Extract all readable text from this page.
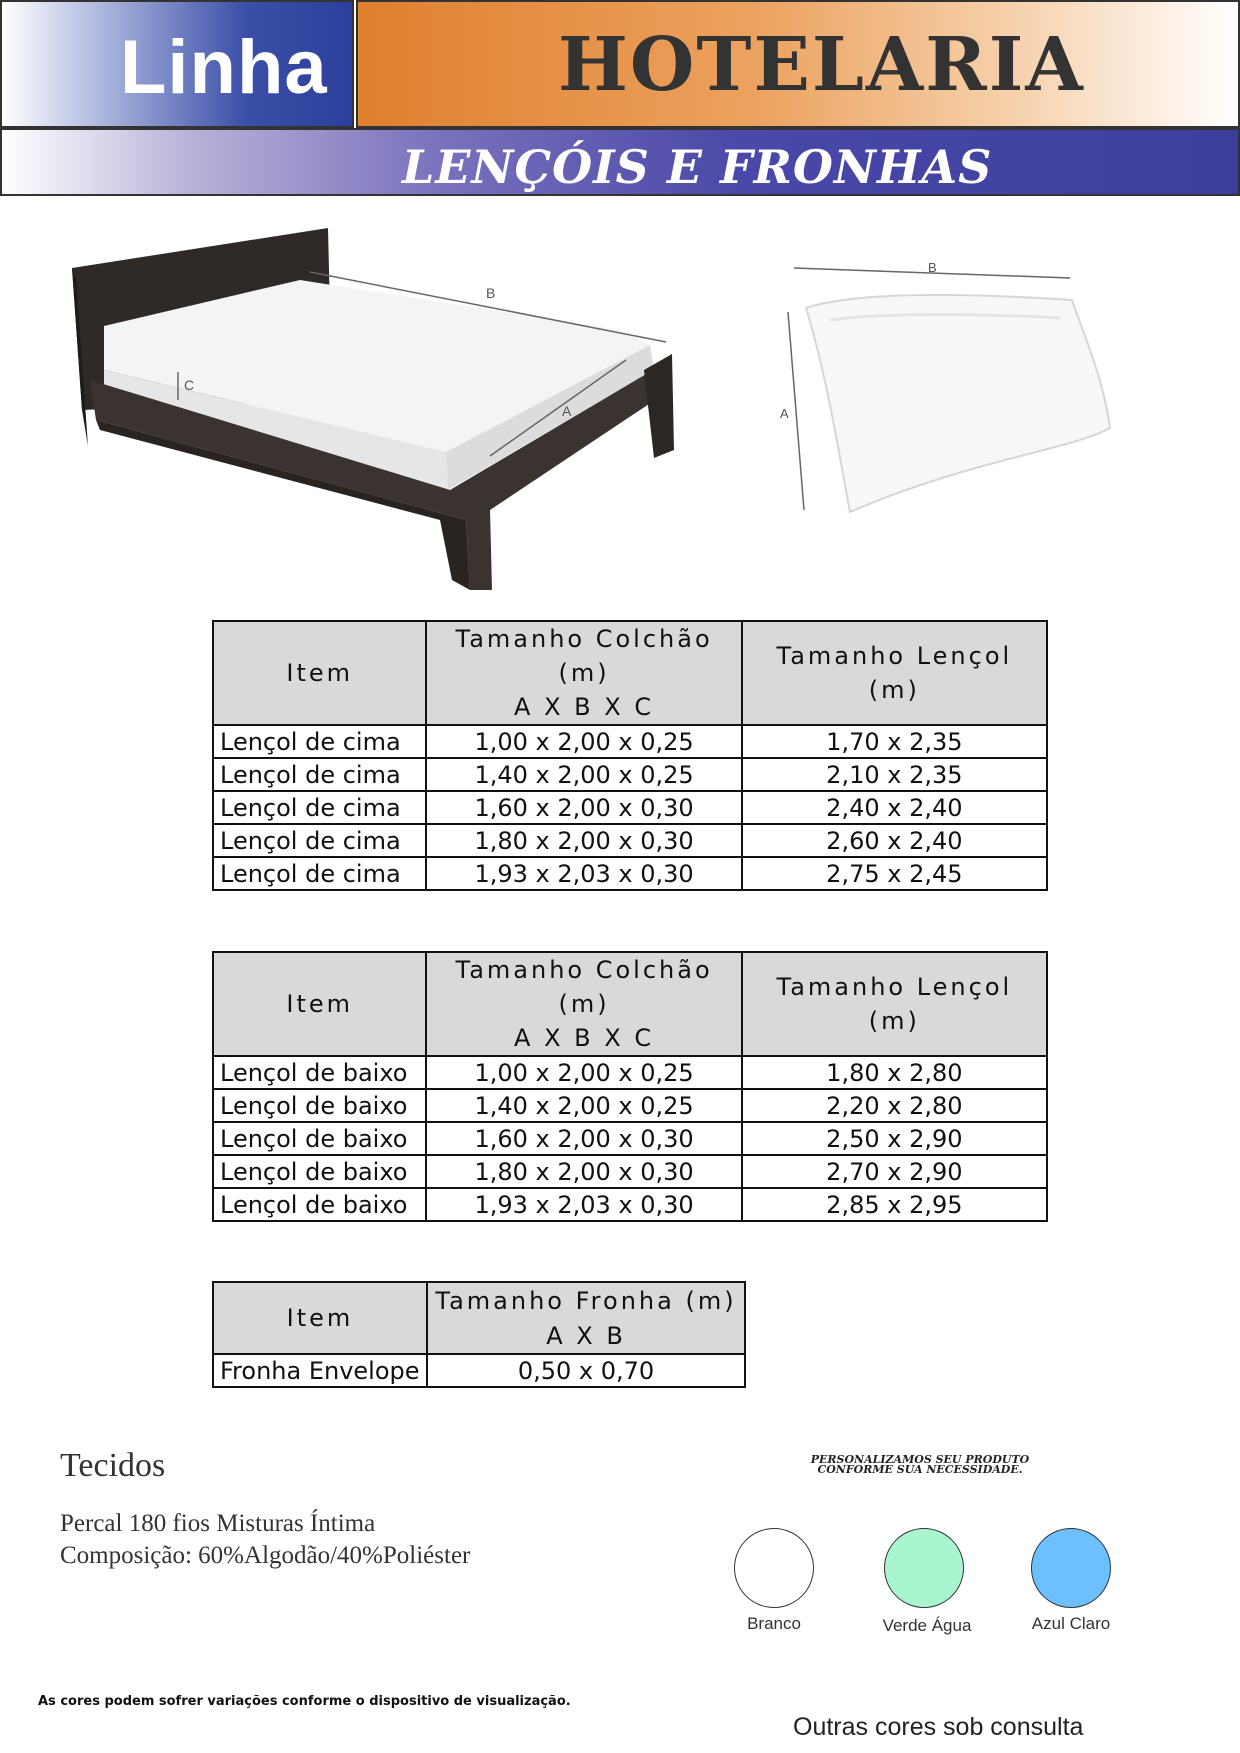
Linha	HOTELARIA
LENÇÓIS E FRONHAS
B
A
C
B
A
Item	Tamanho Colchão (m)	Tamanho Lençol (m)
	A X B X C	
Lençol de cima	1,00 x 2,00 x 0,25	1,70 x 2,35
Lençol de cima	1,40 x 2,00 x 0,25	2,10 x 2,35
Lençol de cima	1,60 x 2,00 x 0,30	2,40 x 2,40
Lençol de cima	1,80 x 2,00 x 0,30	2,60 x 2,40
Lençol de cima	1,93 x 2,03 x 0,30	2,75 x 2,45
Item	Tamanho Colchão (m)	Tamanho Lençol (m)
	A X B X C	
Lençol de baixo	1,00 x 2,00 x 0,25	1,80 x 2,80
Lençol de baixo	1,40 x 2,00 x 0,25	2,20 x 2,80
Lençol de baixo	1,60 x 2,00 x 0,30	2,50 x 2,90
Lençol de baixo	1,80 x 2,00 x 0,30	2,70 x 2,90
Lençol de baixo	1,93 x 2,03 x 0,30	2,85 x 2,95
Item	Tamanho Fronha (m)
	A X B
Fronha Envelope	0,50 x 0,70
Tecidos
Percal 180 fios Misturas Íntima
Composição: 60%Algodão/40%Poliéster
PERSONALIZAMOS SEU PRODUTO
CONFORME SUA NECESSIDADE.
Branco	Verde Água	Azul Claro
As cores podem sofrer variações conforme o dispositivo de visualização.
Outras cores sob consulta
